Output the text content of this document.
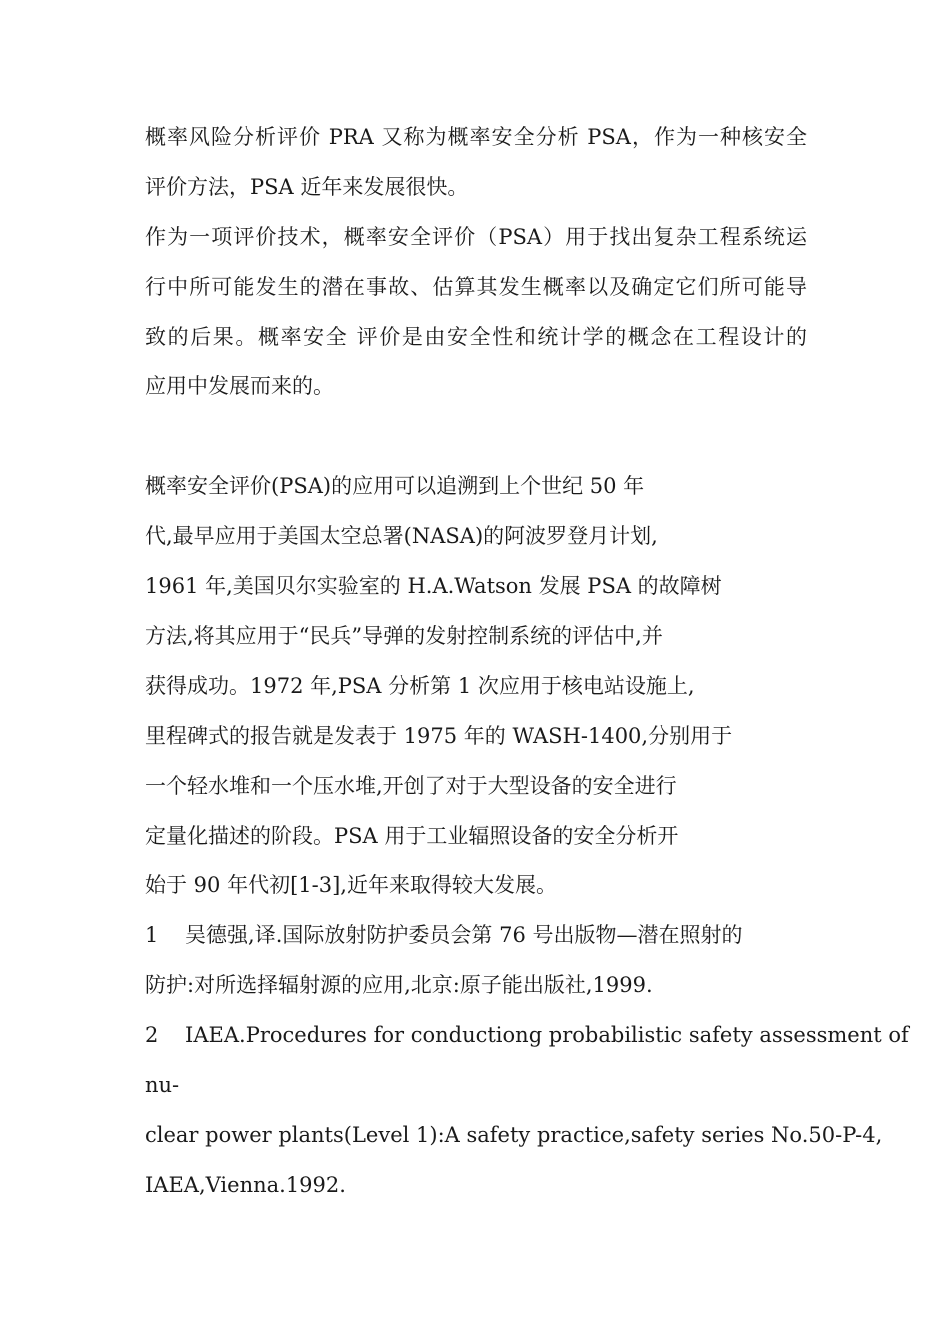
概率风险分析评价 PRA 又称为概率安全分析 PSA，作为一种核安全
评价方法，PSA 近年来发展很快。
作为一项评价技术，概率安全评价（PSA）用于找出复杂工程系统运
行中所可能发生的潜在事故、估算其发生概率以及确定它们所可能导
致的后果。概率安全 评价是由安全性和统计学的概念在工程设计的
应用中发展而来的。
概率安全评价(PSA)的应用可以追溯到上个世纪 50 年
代,最早应用于美国太空总署(NASA)的阿波罗登月计划,
1961 年,美国贝尔实验室的 H.A.Watson 发展 PSA 的故障树
方法,将其应用于“民兵”导弹的发射控制系统的评估中,并
获得成功。1972 年,PSA 分析第 1 次应用于核电站设施上,
里程碑式的报告就是发表于 1975 年的 WASH-1400,分别用于
一个轻水堆和一个压水堆,开创了对于大型设备的安全进行
定量化描述的阶段。PSA 用于工业辐照设备的安全分析开
始于 90 年代初[1-3],近年来取得较大发展。
1    吴德强,译.国际放射防护委员会第 76 号出版物—潜在照射的
防护:对所选择辐射源的应用,北京:原子能出版社,1999.
2    IAEA.Procedures for conductiong probabilistic safety assessment of
nu-
clear power plants(Level 1):A safety practice,safety series No.50-P-4,
IAEA,Vienna.1992.
